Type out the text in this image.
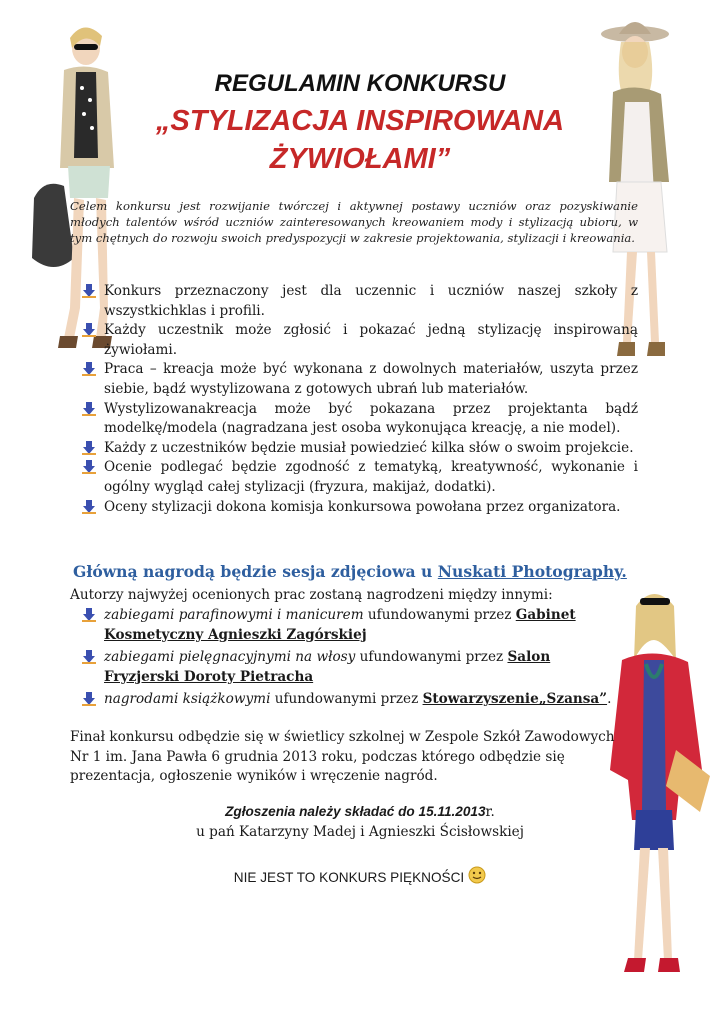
REGULAMIN KONKURSU
„STYLIZACJA INSPIROWANA
ŻYWIOŁAMI”
Celem konkursu jest rozwijanie twórczej i aktywnej postawy uczniów oraz pozyskiwanie młodych talentów wśród uczniów zainteresowanych kreowaniem mody i stylizacją ubioru, w tym chętnych do rozwoju swoich predyspozycji w zakresie projektowania, stylizacji i kreowania.
Konkurs przeznaczony jest dla uczennic i uczniów naszej szkoły z wszystkichklas i profili.
Każdy uczestnik może zgłosić i pokazać jedną stylizację inspirowaną żywiołami.
Praca – kreacja może być wykonana z dowolnych materiałów, uszyta przez siebie, bądź wystylizowana z gotowych ubrań lub materiałów.
Wystylizowanakreacja może być pokazana przez projektanta bądź modelkę/modela (nagradzana jest osoba wykonująca kreację, a nie model).
Każdy z uczestników będzie musiał powiedzieć kilka słów o swoim projekcie.
Ocenie podlegać będzie zgodność z tematyką, kreatywność, wykonanie i ogólny wygląd całej stylizacji (fryzura, makijaż, dodatki).
Oceny stylizacji dokona komisja konkursowa powołana przez organizatora.
Główną nagrodą będzie sesja zdjęciowa u Nuskati Photography.
Autorzy najwyżej ocenionych prac zostaną nagrodzeni między innymi:
zabiegami parafinowymi i manicurem ufundowanymi przez Gabinet Kosmetyczny Agnieszki Zagórskiej
zabiegami pielęgnacyjnymi na włosy ufundowanymi przez Salon Fryzjerski Doroty Pietracha
nagrodami książkowymi ufundowanymi przez Stowarzyszenie„Szansa”.
Finał konkursu odbędzie się w świetlicy szkolnej w Zespole Szkół Zawodowych Nr 1 im. Jana Pawła 6 grudnia 2013 roku, podczas którego odbędzie się prezentacja, ogłoszenie wyników i wręczenie nagród.
Zgłoszenia należy składać do 15.11.2013r.
u pań Katarzyny Madej i Agnieszki Ścisłowskiej
NIE JEST TO KONKURS PIĘKNOŚCI
